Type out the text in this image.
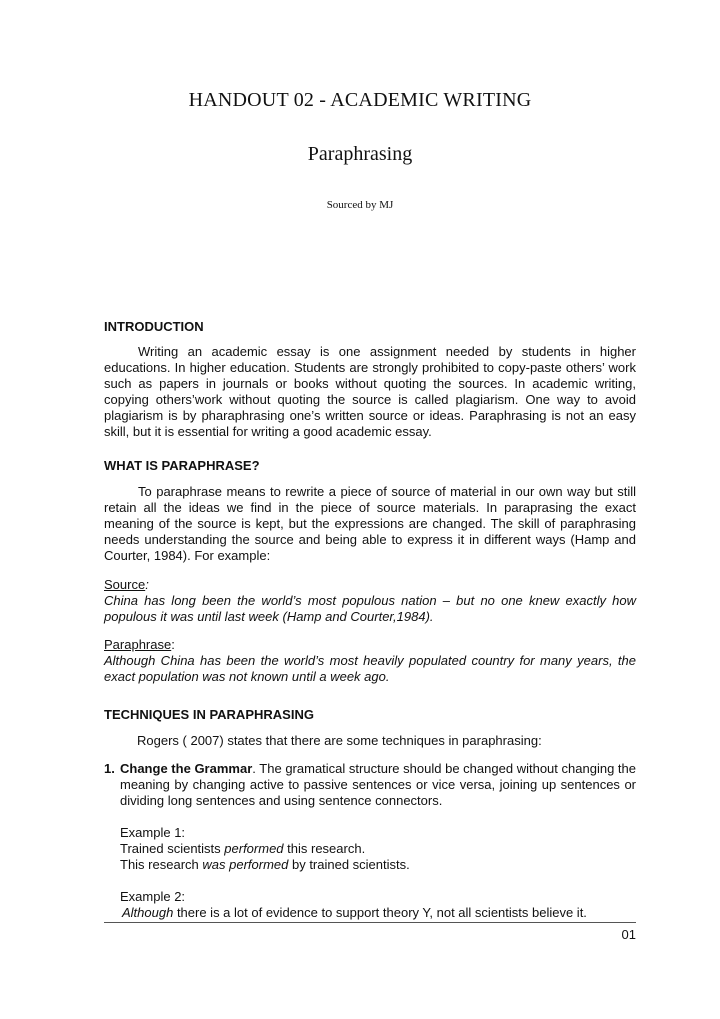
HANDOUT 02 - ACADEMIC WRITING
Paraphrasing
Sourced by MJ
INTRODUCTION

Writing an academic essay is one assignment needed by students in higher educations. In higher education. Students are strongly prohibited to copy-paste others’ work such as papers in journals or books without quoting the sources. In academic writing, copying others’work without quoting the source is called plagiarism. One way to avoid plagiarism is by pharaphrasing one’s written source or ideas. Paraphrasing is not an easy skill, but it is essential for writing a good academic essay.

WHAT IS PARAPHRASE?

To paraphrase means to rewrite a piece of source of material in our own way but still retain all the ideas we find in the piece of source materials. In paraprasing the exact meaning of the source is kept, but the expressions are changed. The skill of paraphrasing needs understanding the source and being able to express it in different ways (Hamp and Courter, 1984). For example:

Source:

China has long been the world’s most populous nation – but no one knew exactly how populous it was until last week (Hamp and Courter,1984).

Paraphrase:

Although China has been the world’s most heavily populated country for many years, the exact population was not known until a week ago.

TECHNIQUES IN PARAPHRASING
Rogers ( 2007) states that there are some techniques in paraphrasing:
1. Change the Grammar. The gramatical structure should be changed without changing the meaning by changing active to passive sentences or vice versa, joining up sentences or dividing long sentences and using sentence connectors.

Example 1:

Trained scientists performed this research.

This research was performed by trained scientists.

Example 2:

Although there is a lot of evidence to support theory Y, not all scientists believe it.

01
